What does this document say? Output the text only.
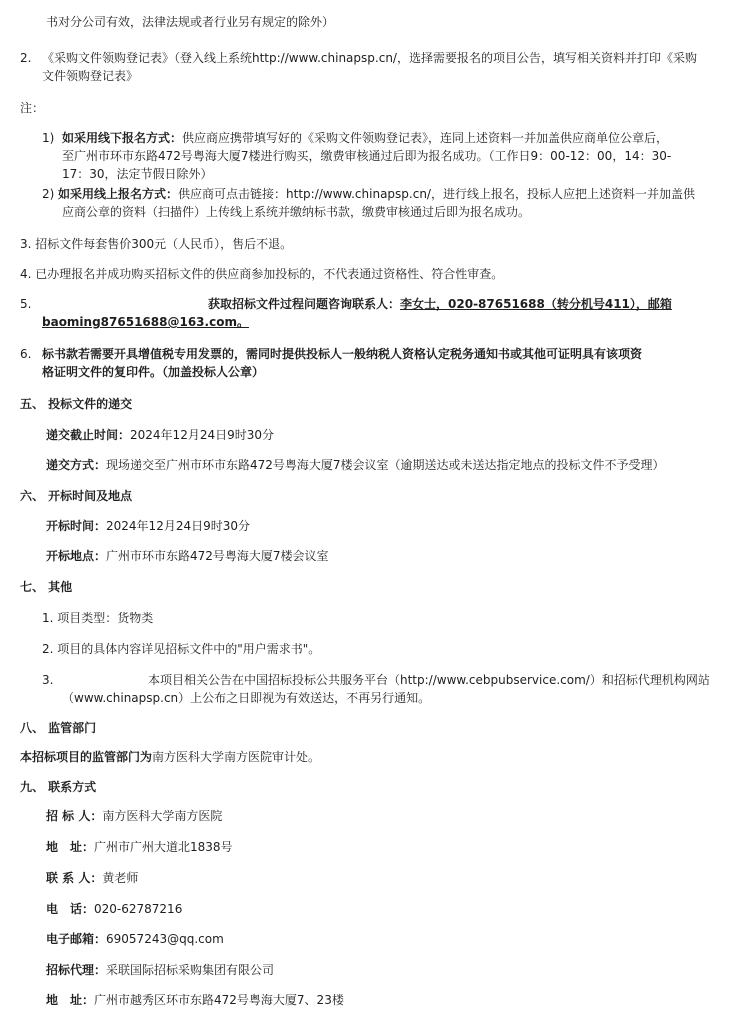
书对分公司有效，法律法规或者行业另有规定的除外）
2. 《采购文件领购登记表》（登入线上系统http://www.chinapsp.cn/，选择需要报名的项目公告，填写相关资料并打印《采购
文件领购登记表》
注：
1) 如采用线下报名方式：供应商应携带填写好的《采购文件领购登记表》，连同上述资料一并加盖供应商单位公章后，
至广州市环市东路472号粤海大厦7楼进行购买，缴费审核通过后即为报名成功。（工作日9：00-12：00，14：30-
17：30，法定节假日除外）
2) 如采用线上报名方式：供应商可点击链接：http://www.chinapsp.cn/，进行线上报名，投标人应把上述资料一并加盖供
应商公章的资料（扫描件）上传线上系统并缴纳标书款，缴费审核通过后即为报名成功。
3. 招标文件每套售价300元（人民币），售后不退。
4. 已办理报名并成功购买招标文件的供应商参加投标的，不代表通过资格性、符合性审查。
5.	获取招标文件过程问题咨询联系人：李女士，020-87651688（转分机号411），邮箱
baoming87651688@163.com。
6. 标书款若需要开具增值税专用发票的，需同时提供投标人一般纳税人资格认定税务通知书或其他可证明具有该项资
格证明文件的复印件。（加盖投标人公章）
五、 投标文件的递交
递交截止时间：2024年12月24日9时30分
递交方式：现场递交至广州市环市东路472号粤海大厦7楼会议室（逾期送达或未送达指定地点的投标文件不予受理）
六、 开标时间及地点
开标时间：2024年12月24日9时30分
开标地点：广州市环市东路472号粤海大厦7楼会议室
七、 其他
1. 项目类型：货物类
2. 项目的具体内容详见招标文件中的"用户需求书"。
3.	本项目相关公告在中国招标投标公共服务平台（http://www.cebpubservice.com/）和招标代理机构网站
（www.chinapsp.cn）上公布之日即视为有效送达，不再另行通知。
八、 监管部门
本招标项目的监管部门为南方医科大学南方医院审计处。
九、 联系方式
招 标 人：南方医科大学南方医院
地　址：广州市广州大道北1838号
联 系 人：黄老师
电　话：020-62787216
电子邮箱：69057243@qq.com
招标代理：采联国际招标采购集团有限公司
地　址：广州市越秀区环市东路472号粤海大厦7、23楼
